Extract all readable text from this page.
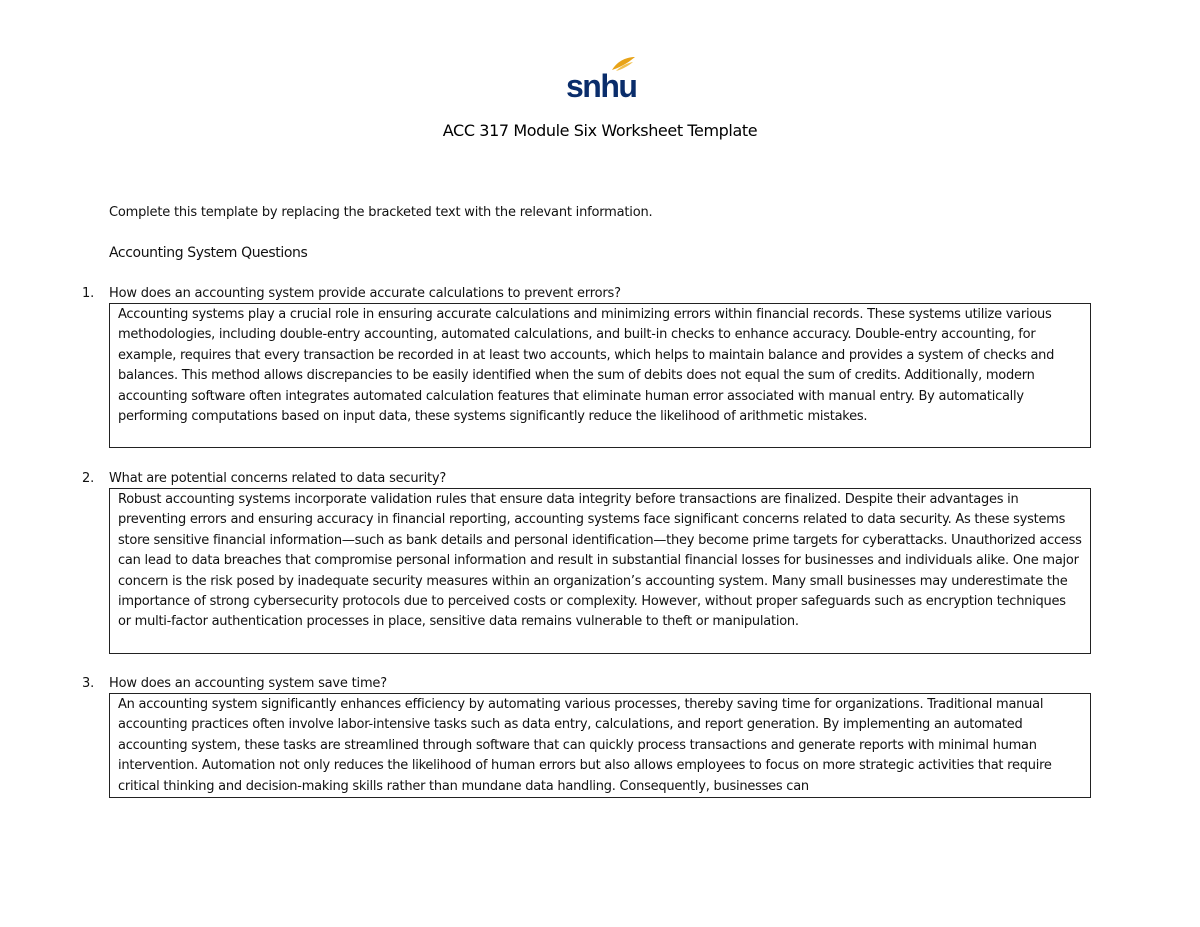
snhu
ACC 317 Module Six Worksheet Template
Complete this template by replacing the bracketed text with the relevant information.
Accounting System Questions
1. How does an accounting system provide accurate calculations to prevent errors?
Accounting systems play a crucial role in ensuring accurate calculations and minimizing errors within financial records. These systems utilize various methodologies, including double-entry accounting, automated calculations, and built-in checks to enhance accuracy. Double-entry accounting, for example, requires that every transaction be recorded in at least two accounts, which helps to maintain balance and provides a system of checks and balances. This method allows discrepancies to be easily identified when the sum of debits does not equal the sum of credits. Additionally, modern accounting software often integrates automated calculation features that eliminate human error associated with manual entry. By automatically performing computations based on input data, these systems significantly reduce the likelihood of arithmetic mistakes.
2. What are potential concerns related to data security?
Robust accounting systems incorporate validation rules that ensure data integrity before transactions are finalized. Despite their advantages in preventing errors and ensuring accuracy in financial reporting, accounting systems face significant concerns related to data security. As these systems store sensitive financial information—such as bank details and personal identification—they become prime targets for cyberattacks. Unauthorized access can lead to data breaches that compromise personal information and result in substantial financial losses for businesses and individuals alike. One major concern is the risk posed by inadequate security measures within an organization’s accounting system. Many small businesses may underestimate the importance of strong cybersecurity protocols due to perceived costs or complexity. However, without proper safeguards such as encryption techniques or multi-factor authentication processes in place, sensitive data remains vulnerable to theft or manipulation.
3. How does an accounting system save time?
An accounting system significantly enhances efficiency by automating various processes, thereby saving time for organizations. Traditional manual accounting practices often involve labor-intensive tasks such as data entry, calculations, and report generation. By implementing an automated accounting system, these tasks are streamlined through software that can quickly process transactions and generate reports with minimal human intervention. Automation not only reduces the likelihood of human errors but also allows employees to focus on more strategic activities that require critical thinking and decision-making skills rather than mundane data handling. Consequently, businesses can
